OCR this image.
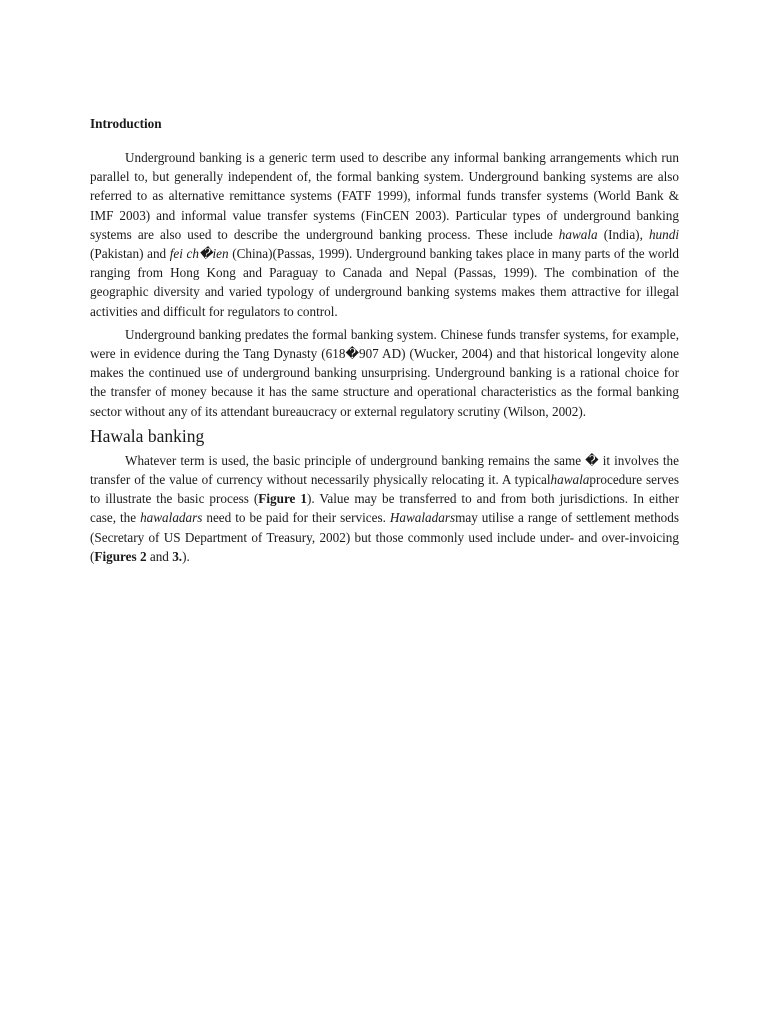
Introduction

Underground banking is a generic term used to describe any informal banking arrangements which run parallel to, but generally independent of, the formal banking system. Underground banking systems are also referred to as alternative remittance systems (FATF 1999), informal funds transfer systems (World Bank & IMF 2003) and informal value transfer systems (FinCEN 2003). Particular types of underground banking systems are also used to describe the underground banking process. These include hawala (India), hundi (Pakistan) and fei ch�ien (China)(Passas, 1999). Underground banking takes place in many parts of the world ranging from Hong Kong and Paraguay to Canada and Nepal (Passas, 1999). The combination of the geographic diversity and varied typology of underground banking systems makes them attractive for illegal activities and difficult for regulators to control.

Underground banking predates the formal banking system. Chinese funds transfer systems, for example, were in evidence during the Tang Dynasty (618�907 AD) (Wucker, 2004) and that historical longevity alone makes the continued use of underground banking unsurprising. Underground banking is a rational choice for the transfer of money because it has the same structure and operational characteristics as the formal banking sector without any of its attendant bureaucracy or external regulatory scrutiny (Wilson, 2002).

Hawala banking

Whatever term is used, the basic principle of underground banking remains the same � it involves the transfer of the value of currency without necessarily physically relocating it. A typicalhawalaprocedure serves to illustrate the basic process (Figure 1). Value may be transferred to and from both jurisdictions. In either case, the hawaladars need to be paid for their services. Hawaladarsmay utilise a range of settlement methods (Secretary of US Department of Treasury, 2002) but those commonly used include under- and over-invoicing (Figures 2 and 3.).
